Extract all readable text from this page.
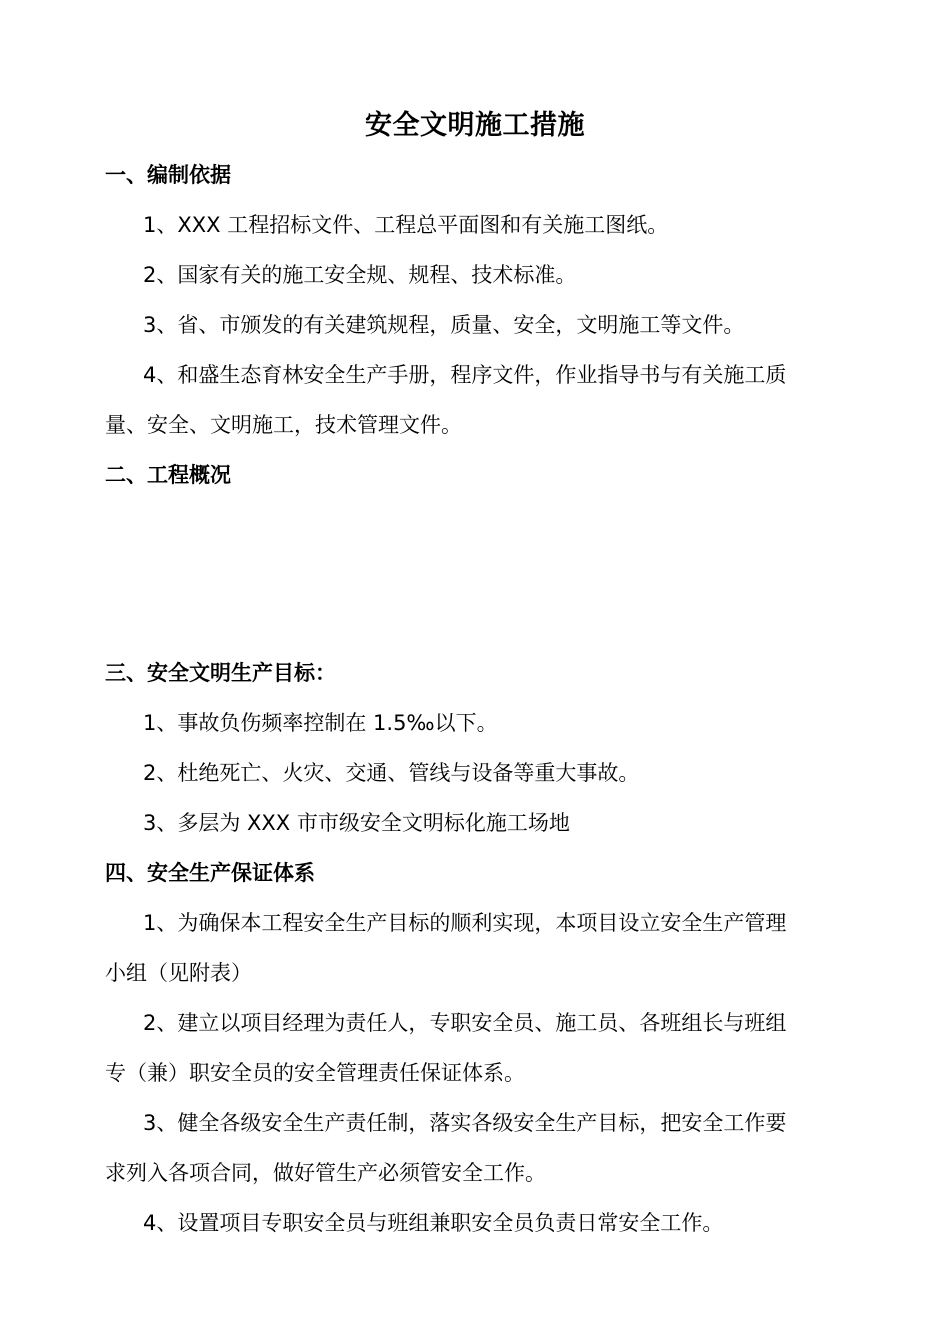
安全文明施工措施
一、编制依据
1、XXX 工程招标文件、工程总平面图和有关施工图纸。
2、国家有关的施工安全规、规程、技术标准。
3、省、市颁发的有关建筑规程，质量、安全，文明施工等文件。
4、和盛生态育林安全生产手册，程序文件，作业指导书与有关施工质
量、安全、文明施工，技术管理文件。
二、工程概况
三、安全文明生产目标：
1、事故负伤频率控制在 1.5‰以下。
2、杜绝死亡、火灾、交通、管线与设备等重大事故。
3、多层为 XXX 市市级安全文明标化施工场地
四、安全生产保证体系
1、为确保本工程安全生产目标的顺利实现，本项目设立安全生产管理
小组（见附表）
2、建立以项目经理为责任人，专职安全员、施工员、各班组长与班组
专（兼）职安全员的安全管理责任保证体系。
3、健全各级安全生产责任制，落实各级安全生产目标，把安全工作要
求列入各项合同，做好管生产必须管安全工作。
4、设置项目专职安全员与班组兼职安全员负责日常安全工作。
